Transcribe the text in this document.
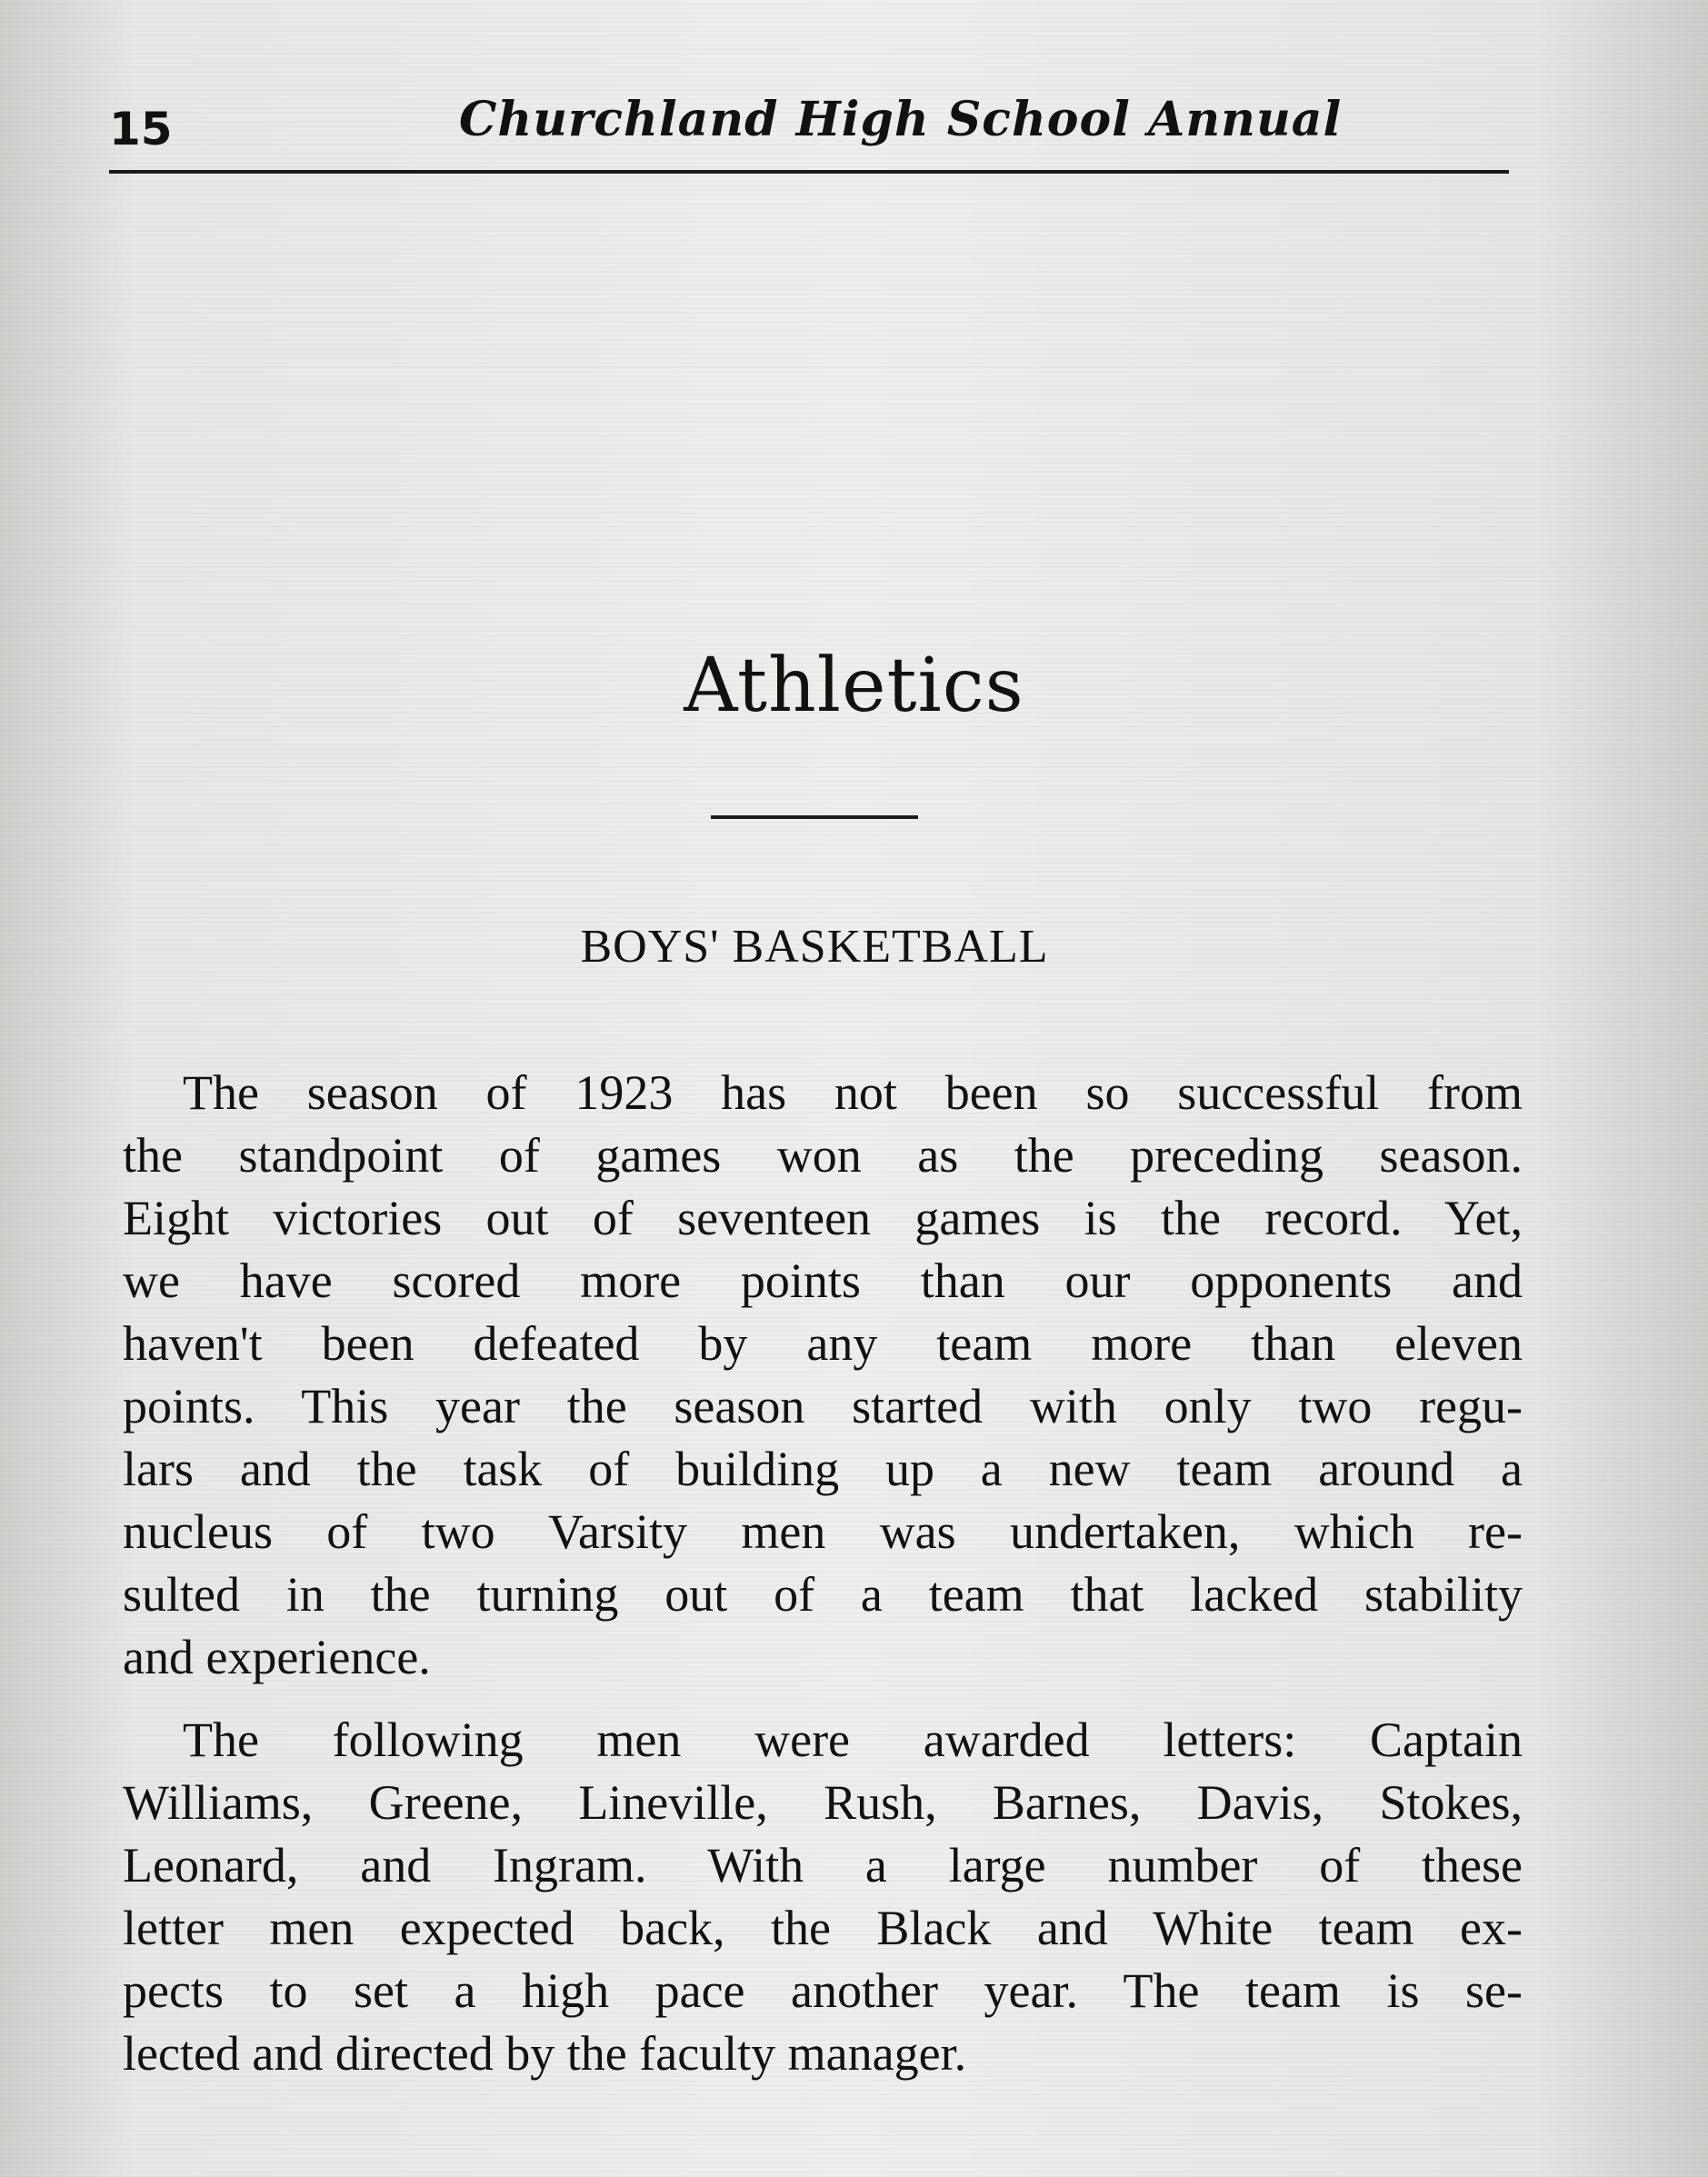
15	Churchland High School Annual
Athletics
BOYS' BASKETBALL
The season of 1923 has not been so successful from
the standpoint of games won as the preceding season.
Eight victories out of seventeen games is the record. Yet,
we have scored more points than our opponents and
haven't been defeated by any team more than eleven
points. This year the season started with only two regu-
lars and the task of building up a new team around a
nucleus of two Varsity men was undertaken, which re-
sulted in the turning out of a team that lacked stability
and experience.
The following men were awarded letters: Captain
Williams, Greene, Lineville, Rush, Barnes, Davis, Stokes,
Leonard, and Ingram. With a large number of these
letter men expected back, the Black and White team ex-
pects to set a high pace another year. The team is se-
lected and directed by the faculty manager.
